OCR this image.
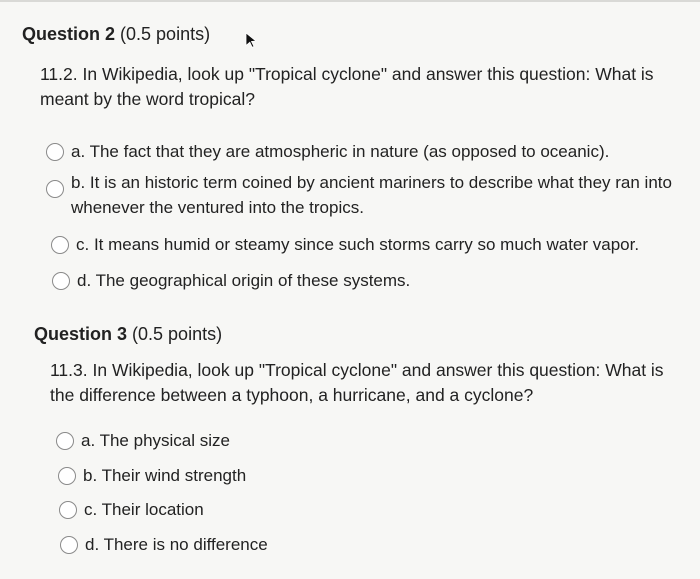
Question 2 (0.5 points)
11.2. In Wikipedia, look up "Tropical cyclone" and answer this question: What is meant by the word tropical?
a. The fact that they are atmospheric in nature (as opposed to oceanic).
b. It is an historic term coined by ancient mariners to describe what they ran into whenever the ventured into the tropics.
c. It means humid or steamy since such storms carry so much water vapor.
d. The geographical origin of these systems.
Question 3 (0.5 points)
11.3. In Wikipedia, look up "Tropical cyclone" and answer this question: What is the difference between a typhoon, a hurricane, and a cyclone?
a. The physical size
b. Their wind strength
c. Their location
d. There is no difference
